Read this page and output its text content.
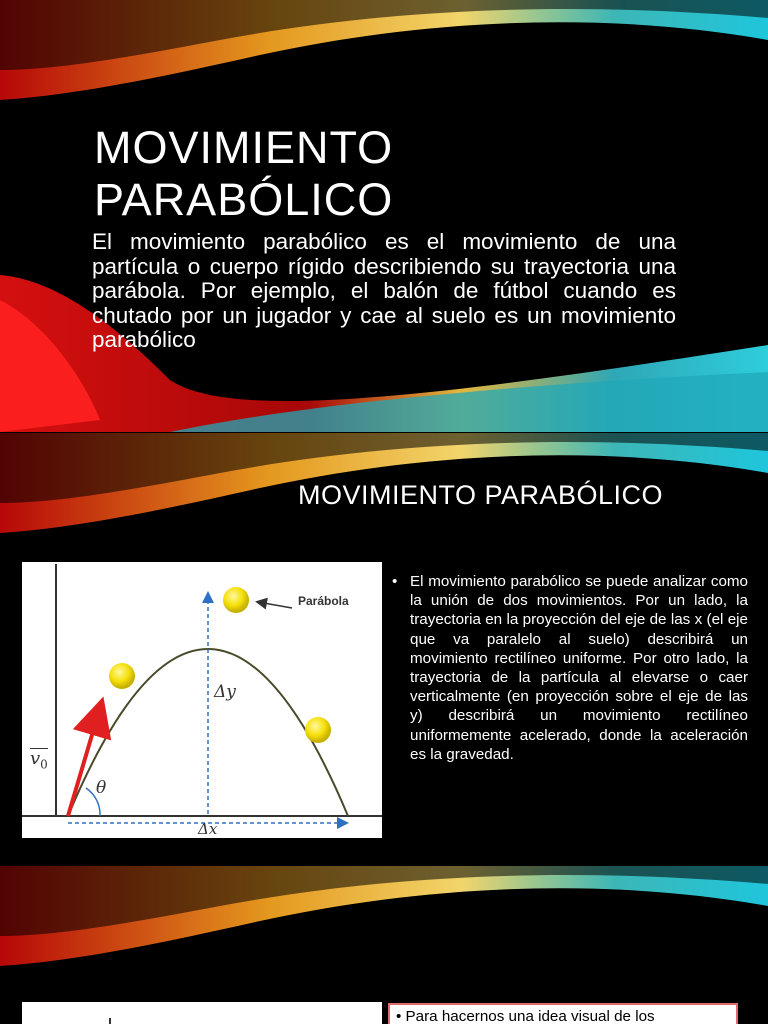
MOVIMIENTO
PARABÓLICO

El movimiento parabólico es el movimiento de una partícula o cuerpo rígido describiendo su trayectoria una parábola. Por ejemplo, el balón de fútbol cuando es chutado por un jugador y cae al suelo es un movimiento parabólico

MOVIMIENTO PARABÓLICO
Parábola
Δy
Δx
θ
$v_0$
• El movimiento parabólico se puede analizar como la unión de dos movimientos. Por un lado, la trayectoria en la proyección del eje de las x (el eje que va paralelo al suelo) describirá un movimiento rectilíneo uniforme. Por otro lado, la trayectoria de la partícula al elevarse o caer verticalmente (en proyección sobre el eje de las y) describirá un movimiento rectilíneo uniformemente acelerado, donde la aceleración es la gravedad.
• Para hacernos una idea visual de los
